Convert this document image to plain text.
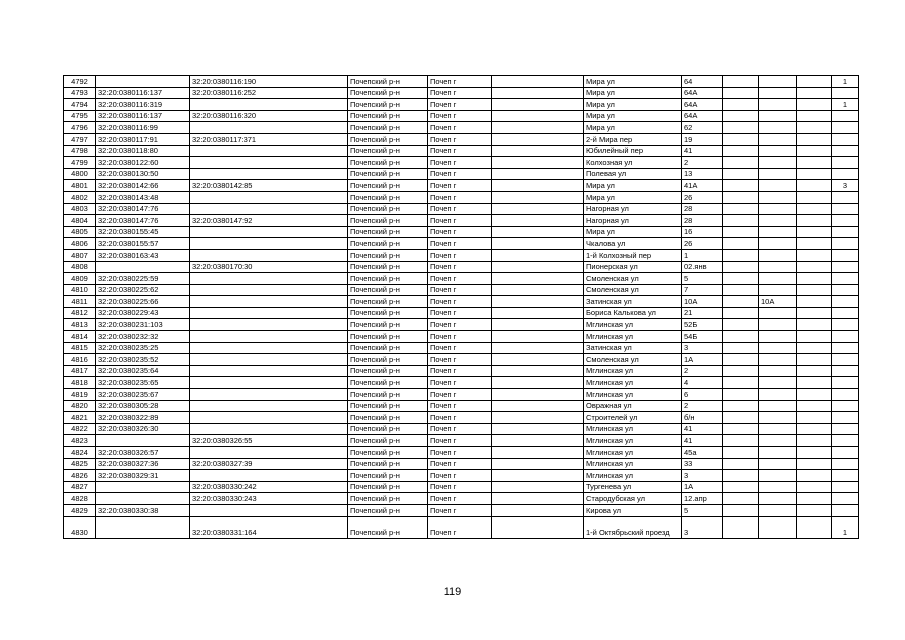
4792		32:20:0380116:190	Почепский р-н	Почеп г		Мира ул	64				1
4793	32:20:0380116:137	32:20:0380116:252	Почепский р-н	Почеп г		Мира ул	64А				
4794	32:20:0380116:319		Почепский р-н	Почеп г		Мира ул	64А				1
4795	32:20:0380116:137	32:20:0380116:320	Почепский р-н	Почеп г		Мира ул	64А				
4796	32:20:0380116:99		Почепский р-н	Почеп г		Мира ул	62				
4797	32:20:0380117:91	32:20:0380117:371	Почепский р-н	Почеп г		2-й Мира пер	19				
4798	32:20:0380118:80		Почепский р-н	Почеп г		Юбилейный пер	41				
4799	32:20:0380122:60		Почепский р-н	Почеп г		Колхозная ул	2				
4800	32:20:0380130:50		Почепский р-н	Почеп г		Полевая ул	13				
4801	32:20:0380142:66	32:20:0380142:85	Почепский р-н	Почеп г		Мира ул	41А				3
4802	32:20:0380143:48		Почепский р-н	Почеп г		Мира ул	26				
4803	32:20:0380147:76		Почепский р-н	Почеп г		Нагорная ул	28				
4804	32:20:0380147:76	32:20:0380147:92	Почепский р-н	Почеп г		Нагорная ул	28				
4805	32:20:0380155:45		Почепский р-н	Почеп г		Мира ул	16				
4806	32:20:0380155:57		Почепский р-н	Почеп г		Чкалова ул	26				
4807	32:20:0380163:43		Почепский р-н	Почеп г		1-й Колхозный пер	1				
4808		32:20:0380170:30	Почепский р-н	Почеп г		Пионерская ул	02.янв				
4809	32:20:0380225:59		Почепский р-н	Почеп г		Смоленская ул	5				
4810	32:20:0380225:62		Почепский р-н	Почеп г		Смоленская ул	7				
4811	32:20:0380225:66		Почепский р-н	Почеп г		Затинская ул	10А		10А		
4812	32:20:0380229:43		Почепский р-н	Почеп г		Бориса Калькова ул	21				
4813	32:20:0380231:103		Почепский р-н	Почеп г		Мглинская ул	52Б				
4814	32:20:0380232:32		Почепский р-н	Почеп г		Мглинская ул	54Б				
4815	32:20:0380235:25		Почепский р-н	Почеп г		Затинская ул	3				
4816	32:20:0380235:52		Почепский р-н	Почеп г		Смоленская ул	1А				
4817	32:20:0380235:64		Почепский р-н	Почеп г		Мглинская ул	2				
4818	32:20:0380235:65		Почепский р-н	Почеп г		Мглинская ул	4				
4819	32:20:0380235:67		Почепский р-н	Почеп г		Мглинская ул	6				
4820	32:20:0380305:28		Почепский р-н	Почеп г		Овражная ул	2				
4821	32:20:0380322:89		Почепский р-н	Почеп г		Строителей ул	б/н				
4822	32:20:0380326:30		Почепский р-н	Почеп г		Мглинская ул	41				
4823		32:20:0380326:55	Почепский р-н	Почеп г		Мглинская ул	41				
4824	32:20:0380326:57		Почепский р-н	Почеп г		Мглинская ул	45а				
4825	32:20:0380327:36	32:20:0380327:39	Почепский р-н	Почеп г		Мглинская ул	33				
4826	32:20:0380329:31		Почепский р-н	Почеп г		Мглинская ул	3				
4827		32:20:0380330:242	Почепский р-н	Почеп г		Тургенева ул	1А				
4828		32:20:0380330:243	Почепский р-н	Почеп г		Стародубская ул	12.апр				
4829	32:20:0380330:38		Почепский р-н	Почеп г		Кирова ул	5				
4830		32:20:0380331:164	Почепский р-н	Почеп г		1-й Октябрьский проезд	3				1
119
